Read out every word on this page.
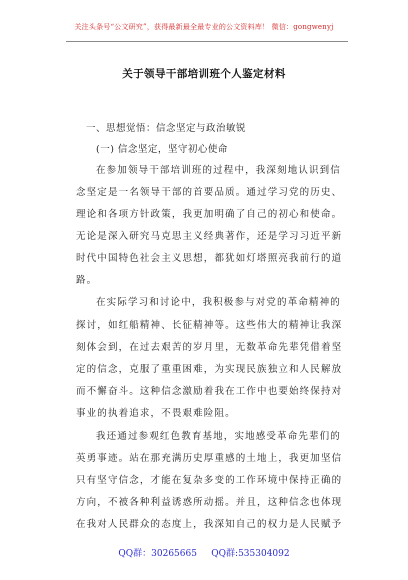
关注头条号“公文研究”，获得最新最全最专业的公文资料库！ 微信：gongwenyj
关于领导干部培训班个人鉴定材料
一、思想觉悟：信念坚定与政治敏锐
(一) 信念坚定，坚守初心使命
在参加领导干部培训班的过程中，我深刻地认识到信
念坚定是一名领导干部的首要品质。通过学习党的历史、
理论和各项方针政策，我更加明确了自己的初心和使命。
无论是深入研究马克思主义经典著作，还是学习习近平新
时代中国特色社会主义思想，都犹如灯塔照亮我前行的道
路。
在实际学习和讨论中，我积极参与对党的革命精神的
探讨，如红船精神、长征精神等。这些伟大的精神让我深
刻体会到，在过去艰苦的岁月里，无数革命先辈凭借着坚
定的信念，克服了重重困难，为实现民族独立和人民解放
而不懈奋斗。这种信念激励着我在工作中也要始终保持对
事业的执着追求，不畏艰难险阻。
我还通过参观红色教育基地，实地感受革命先辈们的
英勇事迹。站在那充满历史厚重感的土地上，我更加坚信
只有坚守信念，才能在复杂多变的工作环境中保持正确的
方向，不被各种利益诱惑所动摇。并且，这种信念也体现
在我对人民群众的态度上，我深知自己的权力是人民赋予
QQ群：30265665 QQ群:535304092
